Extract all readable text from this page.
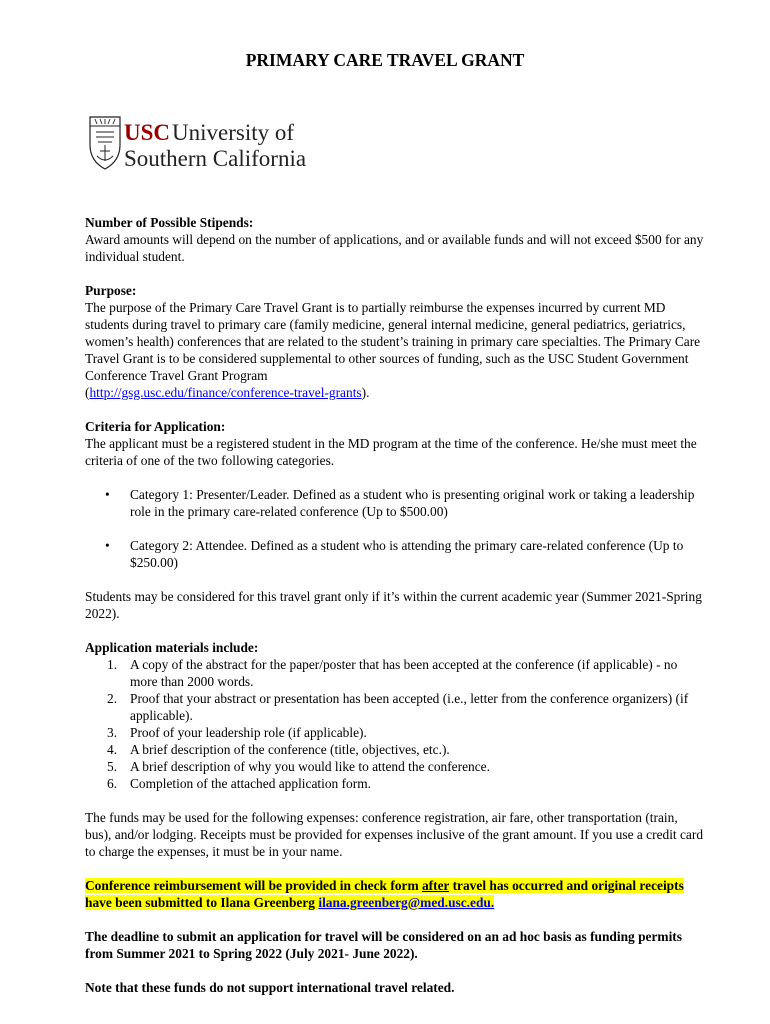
PRIMARY CARE TRAVEL GRANT
USC University of
Southern California

Number of Possible Stipends:

Award amounts will depend on the number of applications, and or available funds and will not exceed $500 for any individual student.

Purpose:

The purpose of the Primary Care Travel Grant is to partially reimburse the expenses incurred by current MD students during travel to primary care (family medicine, general internal medicine, general pediatrics, geriatrics, women’s health) conferences that are related to the student’s training in primary care specialties. The Primary Care Travel Grant is to be considered supplemental to other sources of funding, such as the USC Student Government Conference Travel Grant Program
(http://gsg.usc.edu/finance/conference-travel-grants).

Criteria for Application:

The applicant must be a registered student in the MD program at the time of the conference. He/she must meet the criteria of one of the two following categories.

• Category 1: Presenter/Leader. Defined as a student who is presenting original work or taking a leadership role in the primary care-related conference (Up to $500.00)
• Category 2: Attendee. Defined as a student who is attending the primary care-related conference (Up to $250.00)

Students may be considered for this travel grant only if it’s within the current academic year (Summer 2021-Spring 2022).

Application materials include:

1. A copy of the abstract for the paper/poster that has been accepted at the conference (if applicable) - no more than 2000 words.
2. Proof that your abstract or presentation has been accepted (i.e., letter from the conference organizers) (if applicable).
3. Proof of your leadership role (if applicable).
4. A brief description of the conference (title, objectives, etc.).
5. A brief description of why you would like to attend the conference.
6. Completion of the attached application form.

The funds may be used for the following expenses: conference registration, air fare, other transportation (train, bus), and/or lodging. Receipts must be provided for expenses inclusive of the grant amount. If you use a credit card to charge the expenses, it must be in your name.

Conference reimbursement will be provided in check form after travel has occurred and original receipts have been submitted to Ilana Greenberg ilana.greenberg@med.usc.edu.

The deadline to submit an application for travel will be considered on an ad hoc basis as funding permits from Summer 2021 to Spring 2022 (July 2021- June 2022).

Note that these funds do not support international travel related.
